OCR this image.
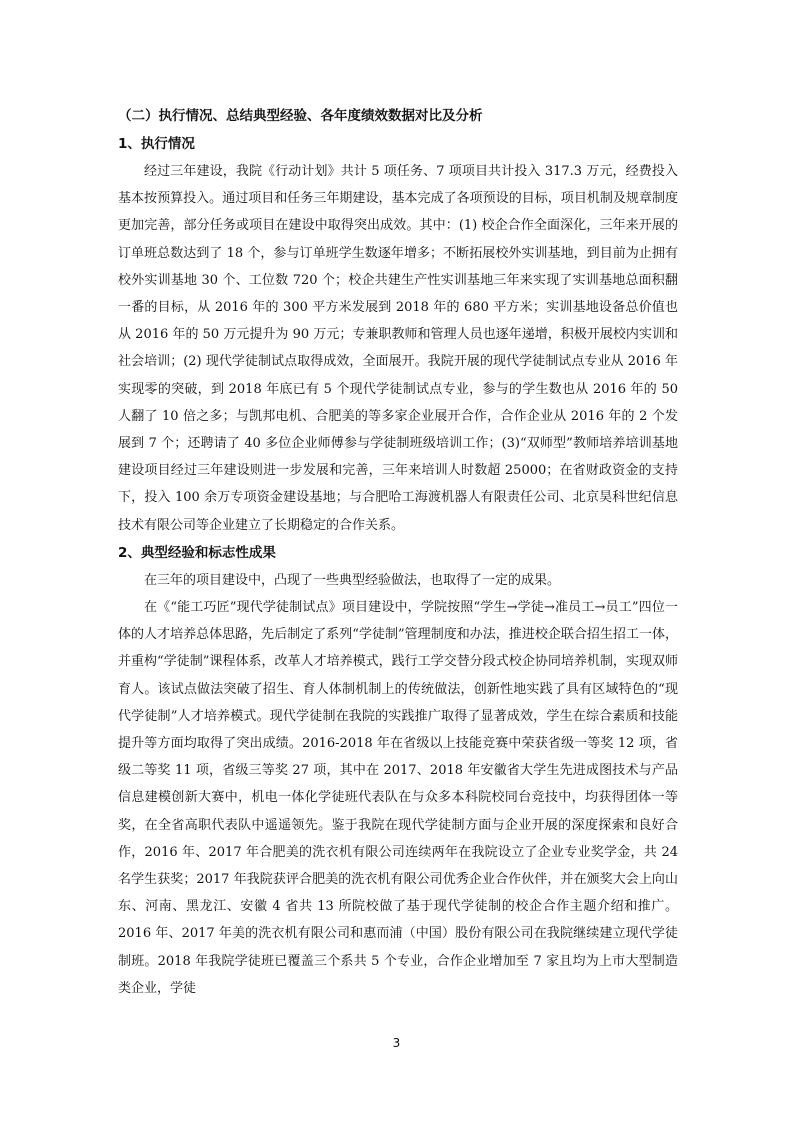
（二）执行情况、总结典型经验、各年度绩效数据对比及分析
1、执行情况

经过三年建设，我院《行动计划》共计 5 项任务、7 项项目共计投入 317.3 万元，经费投入基本按预算投入。通过项目和任务三年期建设，基本完成了各项预设的目标，项目机制及规章制度更加完善，部分任务或项目在建设中取得突出成效。其中：(1) 校企合作全面深化，三年来开展的订单班总数达到了 18 个，参与订单班学生数逐年增多；不断拓展校外实训基地，到目前为止拥有校外实训基地 30 个、工位数 720 个；校企共建生产性实训基地三年来实现了实训基地总面积翻一番的目标，从 2016 年的 300 平方米发展到 2018 年的 680 平方米；实训基地设备总价值也从 2016 年的 50 万元提升为 90 万元；专兼职教师和管理人员也逐年递增，积极开展校内实训和社会培训；(2) 现代学徒制试点取得成效，全面展开。我院开展的现代学徒制试点专业从 2016 年实现零的突破，到 2018 年底已有 5 个现代学徒制试点专业，参与的学生数也从 2016 年的 50 人翻了 10 倍之多；与凯邦电机、合肥美的等多家企业展开合作，合作企业从 2016 年的 2 个发展到 7 个；还聘请了 40 多位企业师傅参与学徒制班级培训工作；(3)“双师型”教师培养培训基地建设项目经过三年建设则进一步发展和完善，三年来培训人时数超 25000；在省财政资金的支持下，投入 100 余万专项资金建设基地；与合肥哈工海渡机器人有限责任公司、北京昊科世纪信息技术有限公司等企业建立了长期稳定的合作关系。

2、典型经验和标志性成果

在三年的项目建设中，凸现了一些典型经验做法，也取得了一定的成果。

在《“能工巧匠”现代学徒制试点》项目建设中，学院按照“学生→学徒→准员工→员工”四位一体的人才培养总体思路，先后制定了系列“学徒制”管理制度和办法，推进校企联合招生招工一体，并重构“学徒制”课程体系，改革人才培养模式，践行工学交替分段式校企协同培养机制，实现双师育人。该试点做法突破了招生、育人体制机制上的传统做法，创新性地实践了具有区域特色的“现代学徒制”人才培养模式。现代学徒制在我院的实践推广取得了显著成效，学生在综合素质和技能提升等方面均取得了突出成绩。2016-2018 年在省级以上技能竞赛中荣获省级一等奖 12 项，省级二等奖 11 项，省级三等奖 27 项，其中在 2017、2018 年安徽省大学生先进成图技术与产品信息建模创新大赛中，机电一体化学徒班代表队在与众多本科院校同台竞技中，均获得团体一等奖，在全省高职代表队中遥遥领先。鉴于我院在现代学徒制方面与企业开展的深度探索和良好合作，2016 年、2017 年合肥美的洗衣机有限公司连续两年在我院设立了企业专业奖学金，共 24 名学生获奖；2017 年我院获评合肥美的洗衣机有限公司优秀企业合作伙伴，并在颁奖大会上向山东、河南、黑龙江、安徽 4 省共 13 所院校做了基于现代学徒制的校企合作主题介绍和推广。2016 年、2017 年美的洗衣机有限公司和惠而浦（中国）股份有限公司在我院继续建立现代学徒制班。2018 年我院学徒班已覆盖三个系共 5 个专业，合作企业增加至 7 家且均为上市大型制造类企业，学徒

3
